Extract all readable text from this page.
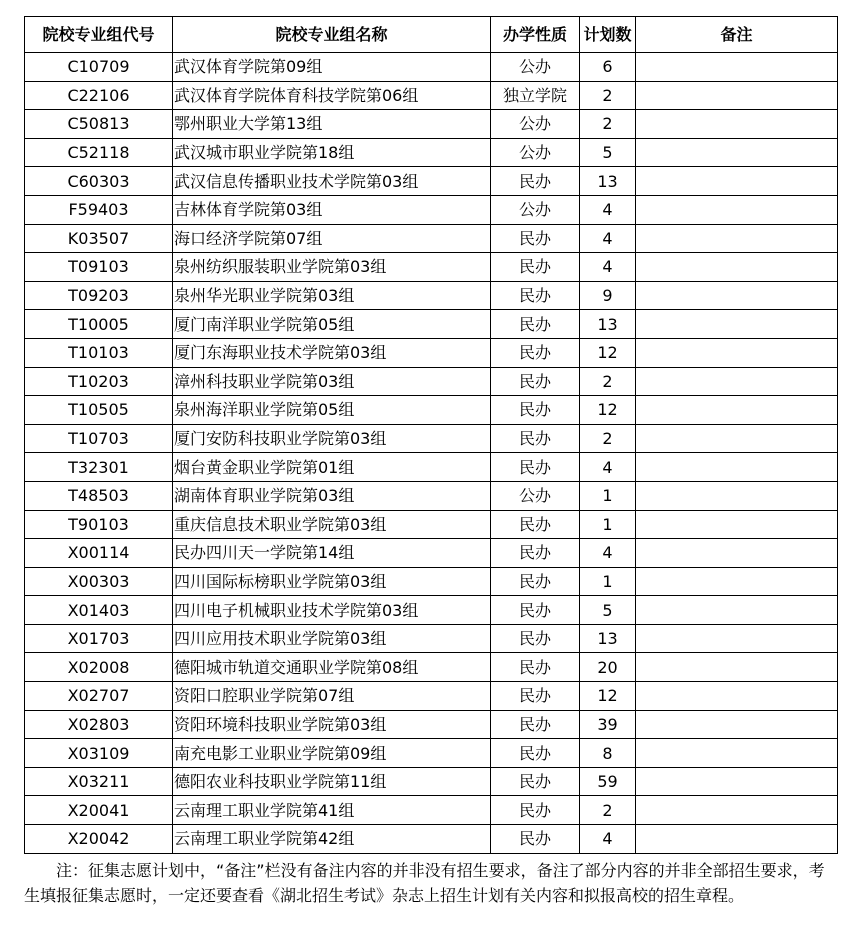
院校专业组代号	院校专业组名称	办学性质	计划数	备注
C10709	武汉体育学院第09组	公办	6	
C22106	武汉体育学院体育科技学院第06组	独立学院	2	
C50813	鄂州职业大学第13组	公办	2	
C52118	武汉城市职业学院第18组	公办	5	
C60303	武汉信息传播职业技术学院第03组	民办	13	
F59403	吉林体育学院第03组	公办	4	
K03507	海口经济学院第07组	民办	4	
T09103	泉州纺织服装职业学院第03组	民办	4	
T09203	泉州华光职业学院第03组	民办	9	
T10005	厦门南洋职业学院第05组	民办	13	
T10103	厦门东海职业技术学院第03组	民办	12	
T10203	漳州科技职业学院第03组	民办	2	
T10505	泉州海洋职业学院第05组	民办	12	
T10703	厦门安防科技职业学院第03组	民办	2	
T32301	烟台黄金职业学院第01组	民办	4	
T48503	湖南体育职业学院第03组	公办	1	
T90103	重庆信息技术职业学院第03组	民办	1	
X00114	民办四川天一学院第14组	民办	4	
X00303	四川国际标榜职业学院第03组	民办	1	
X01403	四川电子机械职业技术学院第03组	民办	5	
X01703	四川应用技术职业学院第03组	民办	13	
X02008	德阳城市轨道交通职业学院第08组	民办	20	
X02707	资阳口腔职业学院第07组	民办	12	
X02803	资阳环境科技职业学院第03组	民办	39	
X03109	南充电影工业职业学院第09组	民办	8	
X03211	德阳农业科技职业学院第11组	民办	59	
X20041	云南理工职业学院第41组	民办	2	
X20042	云南理工职业学院第42组	民办	4	
注：征集志愿计划中，“备注”栏没有备注内容的并非没有招生要求，备注了部分内容的并非全部招生要求，考生填报征集志愿时，一定还要查看《湖北招生考试》杂志上招生计划有关内容和拟报高校的招生章程。
